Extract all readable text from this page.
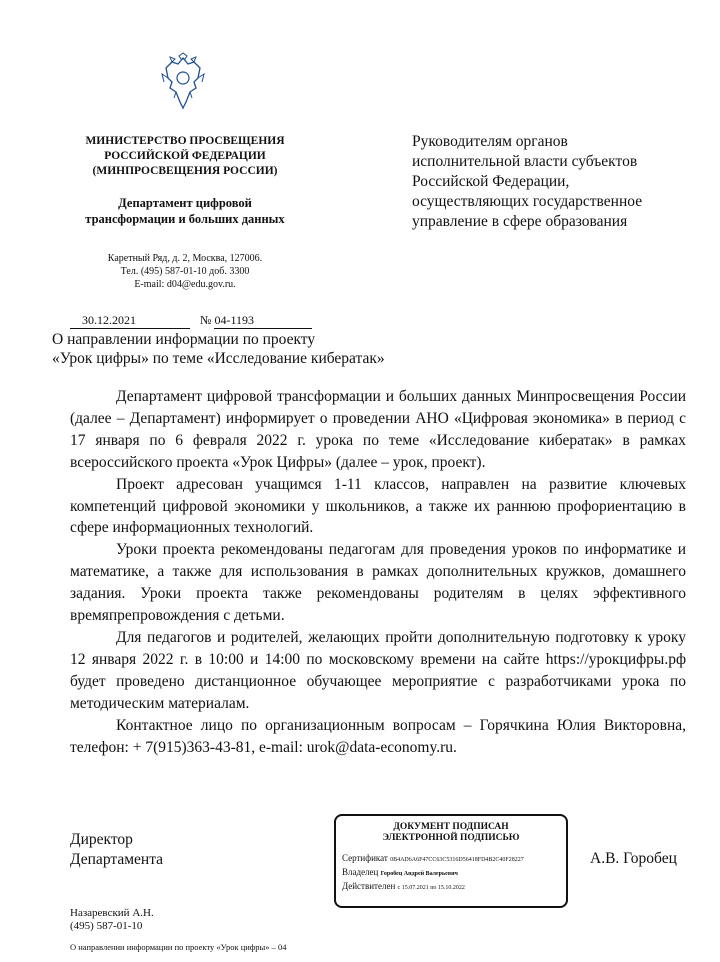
МИНИСТЕРСТВО ПРОСВЕЩЕНИЯ
РОССИЙСКОЙ ФЕДЕРАЦИИ
(МИНПРОСВЕЩЕНИЯ РОССИИ)
Департамент цифровой
трансформации и больших данных
Каретный Ряд, д. 2, Москва, 127006.
Тел. (495) 587-01-10 доб. 3300
E-mail: d04@edu.gov.ru.
Руководителям органов
исполнительной власти субъектов
Российской Федерации,
осуществляющих государственное
управление в сфере образования
30.12.2021	№ 04-1193
О направлении информации по проекту
«Урок цифры» по теме «Исследование кибератак»

Департамент цифровой трансформации и больших данных Минпросвещения России (далее – Департамент) информирует о проведении АНО «Цифровая экономика» в период с 17 января по 6 февраля 2022 г. урока по теме «Исследование кибератак» в рамках всероссийского проекта «Урок Цифры» (далее – урок, проект).

Проект адресован учащимся 1-11 классов, направлен на развитие ключевых компетенций цифровой экономики у школьников, а также их раннюю профориентацию в сфере информационных технологий.

Уроки проекта рекомендованы педагогам для проведения уроков по информатике и математике, а также для использования в рамках дополнительных кружков, домашнего задания. Уроки проекта также рекомендованы родителям в целях эффективного времяпрепровождения с детьми.

Для педагогов и родителей, желающих пройти дополнительную подготовку к уроку 12 января 2022 г. в 10:00 и 14:00 по московскому времени на сайте https://урокцифры.рф будет проведено дистанционное обучающее мероприятие с разработчиками урока по методическим материалам.

Контактное лицо по организационным вопросам – Горячкина Юлия Викторовна, телефон: + 7(915)363-43-81, e-mail: urok@data-economy.ru.

Директор
Департамента
ДОКУМЕНТ ПОДПИСАН
ЭЛЕКТРОННОЙ ПОДПИСЬЮ
Сертификат 0B4AD6A6F47CC63C5316D56418FD4B2C40F28227
Владелец Горобец Андрей Валерьевич
Действителен с 15.07.2021 по 15.10.2022
А.В. Горобец
Назаревский А.Н.
(495) 587-01-10
О направлении информации по проекту «Урок цифры» – 04
